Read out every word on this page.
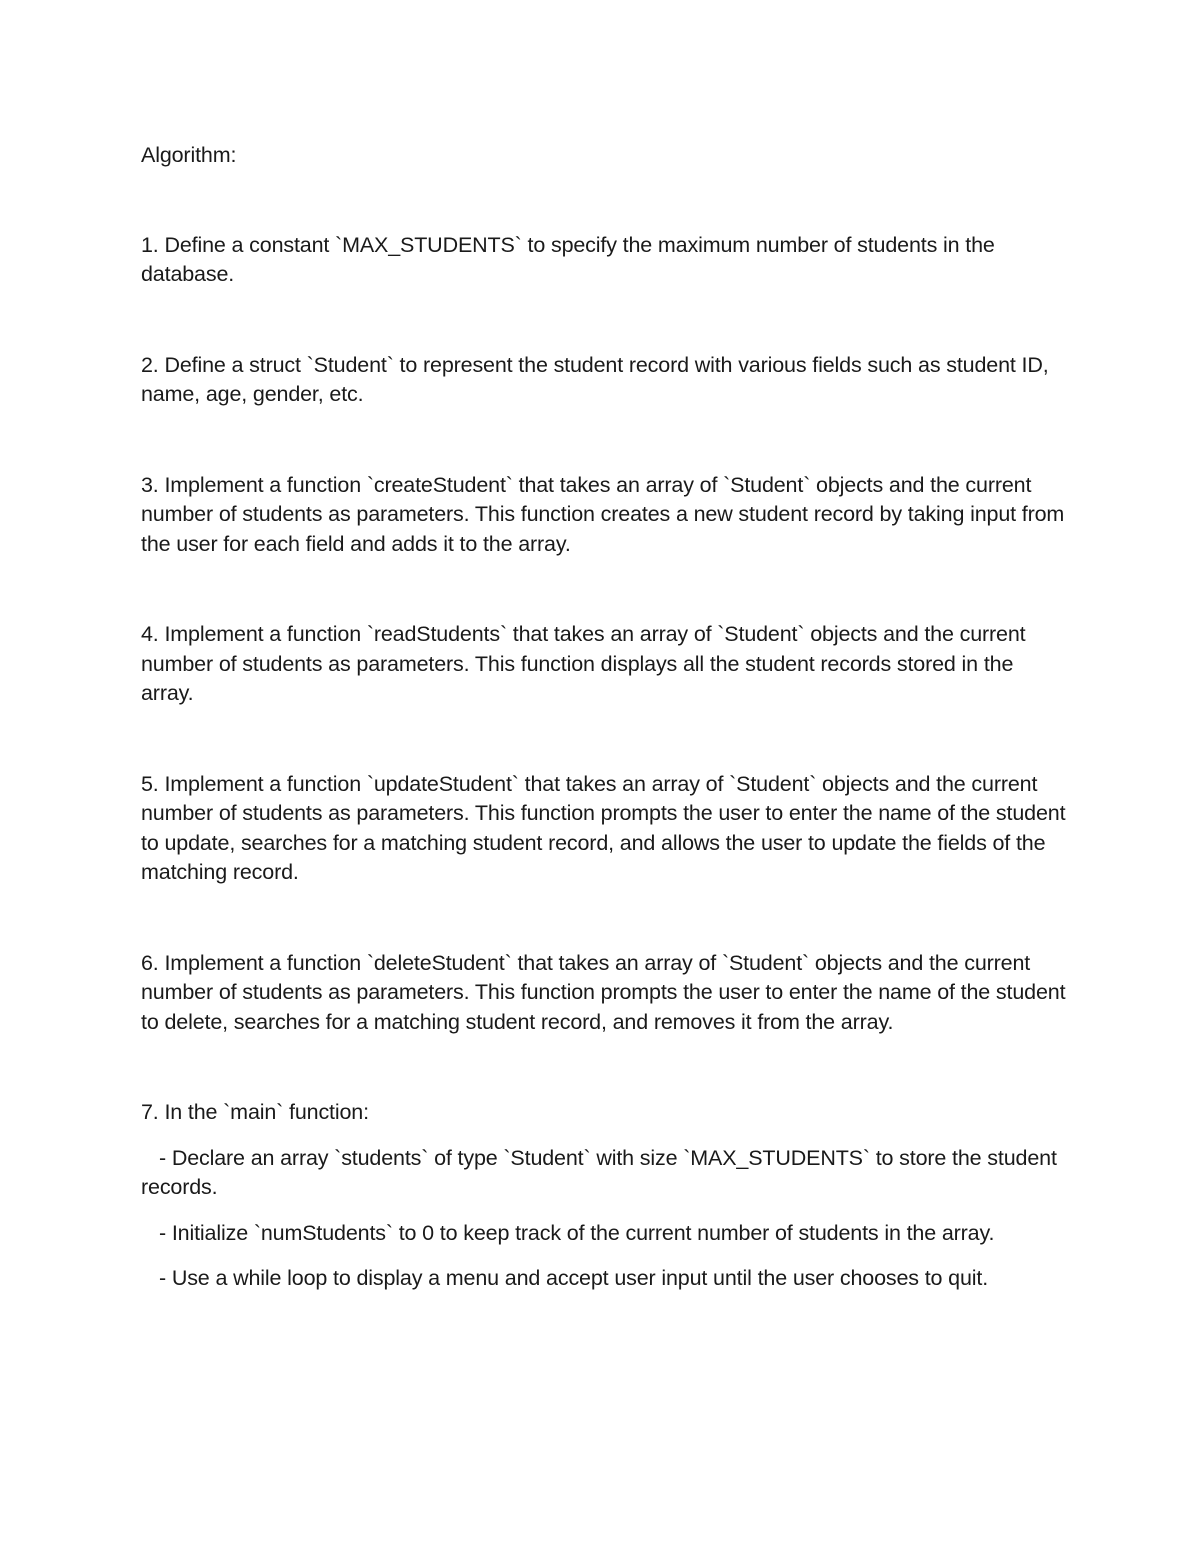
Algorithm:

1. Define a constant `MAX_STUDENTS` to specify the maximum number of students in the database.

2. Define a struct `Student` to represent the student record with various fields such as student ID, name, age, gender, etc.

3. Implement a function `createStudent` that takes an array of `Student` objects and the current number of students as parameters. This function creates a new student record by taking input from the user for each field and adds it to the array.

4. Implement a function `readStudents` that takes an array of `Student` objects and the current number of students as parameters. This function displays all the student records stored in the array.

5. Implement a function `updateStudent` that takes an array of `Student` objects and the current number of students as parameters. This function prompts the user to enter the name of the student to update, searches for a matching student record, and allows the user to update the fields of the matching record.

6. Implement a function `deleteStudent` that takes an array of `Student` objects and the current number of students as parameters. This function prompts the user to enter the name of the student to delete, searches for a matching student record, and removes it from the array.

7. In the `main` function:

- Declare an array `students` of type `Student` with size `MAX_STUDENTS` to store the student records.

- Initialize `numStudents` to 0 to keep track of the current number of students in the array.

- Use a while loop to display a menu and accept user input until the user chooses to quit.
